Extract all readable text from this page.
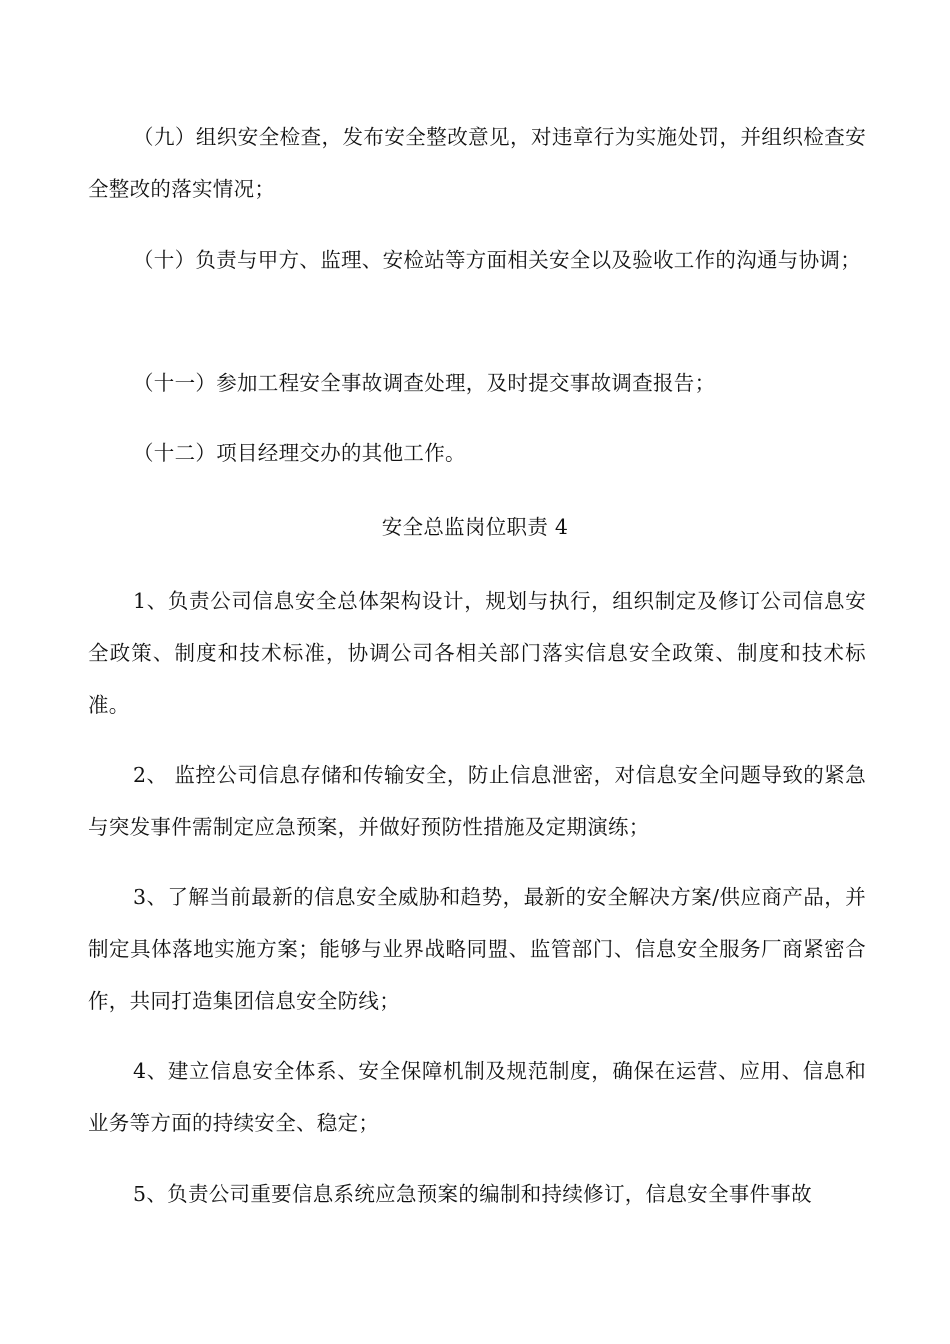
（九）组织安全检查，发布安全整改意见，对违章行为实施处罚，并组织检查安全整改的落实情况；

（十）负责与甲方、监理、安检站等方面相关安全以及验收工作的沟通与协调；

（十一）参加工程安全事故调查处理，及时提交事故调查报告；

（十二）项目经理交办的其他工作。

安全总监岗位职责 4

1、负责公司信息安全总体架构设计，规划与执行，组织制定及修订公司信息安全政策、制度和技术标准，协调公司各相关部门落实信息安全政策、制度和技术标准。

2、 监控公司信息存储和传输安全，防止信息泄密，对信息安全问题导致的紧急与突发事件需制定应急预案，并做好预防性措施及定期演练；

3、了解当前最新的信息安全威胁和趋势，最新的安全解决方案/供应商产品，并制定具体落地实施方案；能够与业界战略同盟、监管部门、信息安全服务厂商紧密合作，共同打造集团信息安全防线；

4、建立信息安全体系、安全保障机制及规范制度，确保在运营、应用、信息和业务等方面的持续安全、稳定；

5、负责公司重要信息系统应急预案的编制和持续修订，信息安全事件事故
